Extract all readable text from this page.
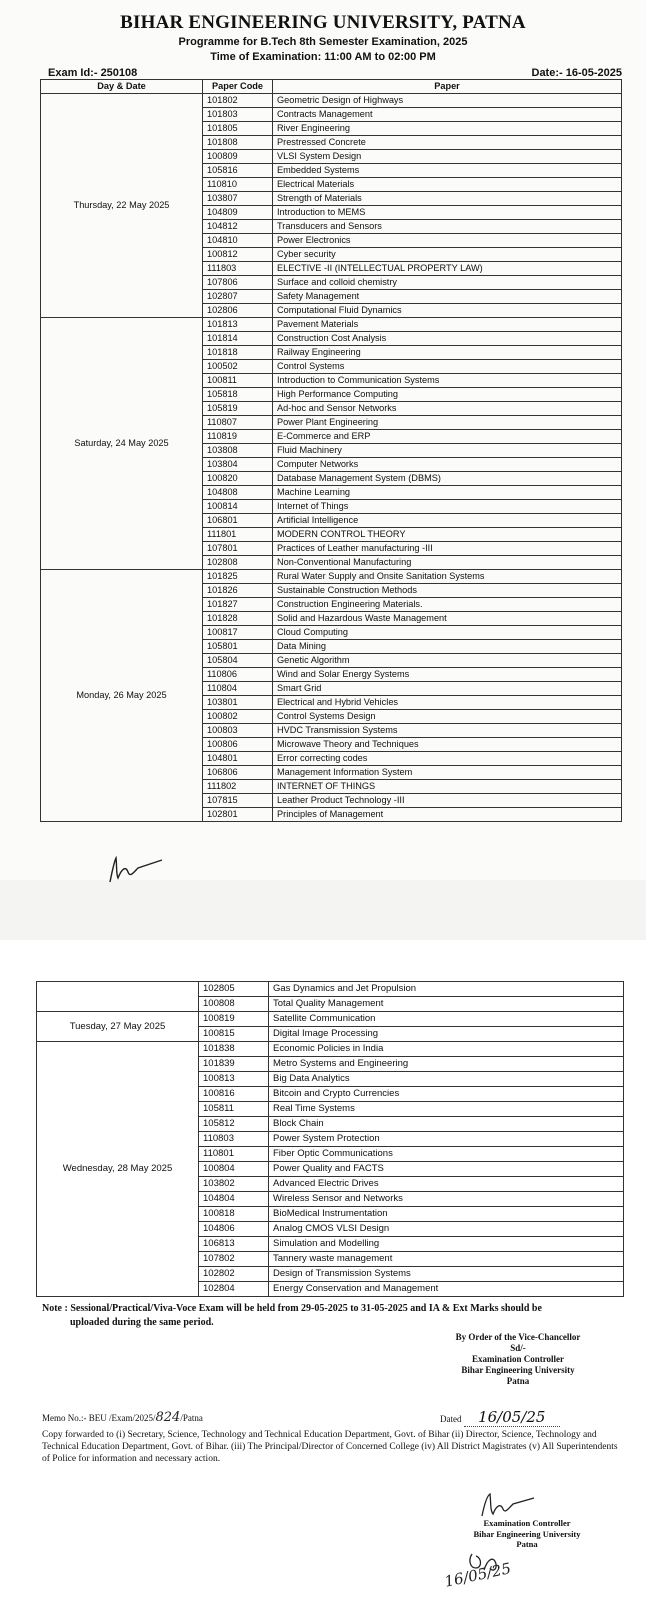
BIHAR ENGINEERING UNIVERSITY, PATNA
Programme for B.Tech 8th Semester Examination, 2025
Time of Examination: 11:00 AM to 02:00 PM
Exam Id:- 250108	Date:- 16-05-2025
Day & Date	Paper Code	Paper
Thursday, 22 May 2025	101802	Geometric Design of Highways
	101803	Contracts Management
	101805	River Engineering
	101808	Prestressed Concrete
	100809	VLSI System Design
	105816	Embedded Systems
	110810	Electrical Materials
	103807	Strength of Materials
	104809	Introduction to MEMS
	104812	Transducers and Sensors
	104810	Power Electronics
	100812	Cyber security
	111803	ELECTIVE -II (INTELLECTUAL PROPERTY LAW)
	107806	Surface and colloid chemistry
	102807	Safety Management
	102806	Computational Fluid Dynamics
Saturday, 24 May 2025	101813	Pavement Materials
	101814	Construction Cost Analysis
	101818	Railway Engineering
	100502	Control Systems
	100811	Introduction to Communication Systems
	105818	High Performance Computing
	105819	Ad-hoc and Sensor Networks
	110807	Power Plant Engineering
	110819	E-Commerce and ERP
	103808	Fluid Machinery
	103804	Computer Networks
	100820	Database Management System (DBMS)
	104808	Machine Learning
	100814	Internet of Things
	106801	Artificial Intelligence
	111801	MODERN CONTROL THEORY
	107801	Practices of Leather manufacturing -III
	102808	Non-Conventional Manufacturing
Monday, 26 May 2025	101825	Rural Water Supply and Onsite Sanitation Systems
	101826	Sustainable Construction Methods
	101827	Construction Engineering Materials.
	101828	Solid and Hazardous Waste Management
	100817	Cloud Computing
	105801	Data Mining
	105804	Genetic Algorithm
	110806	Wind and Solar Energy Systems
	110804	Smart Grid
	103801	Electrical and Hybrid Vehicles
	100802	Control Systems Design
	100803	HVDC Transmission Systems
	100806	Microwave Theory and Techniques
	104801	Error correcting codes
	106806	Management Information System
	111802	INTERNET OF THINGS
	107815	Leather Product Technology -III
	102801	Principles of Management
	102805	Gas Dynamics and Jet Propulsion
	100808	Total Quality Management
Tuesday, 27 May 2025	100819	Satellite Communication
	100815	Digital Image Processing
Wednesday, 28 May 2025	101838	Economic Policies in India
	101839	Metro Systems and Engineering
	100813	Big Data Analytics
	100816	Bitcoin and Crypto Currencies
	105811	Real Time Systems
	105812	Block Chain
	110803	Power System Protection
	110801	Fiber Optic Communications
	100804	Power Quality and FACTS
	103802	Advanced Electric Drives
	104804	Wireless Sensor and Networks
	100818	BioMedical Instrumentation
	104806	Analog CMOS VLSI Design
	106813	Simulation and Modelling
	107802	Tannery waste management
	102802	Design of Transmission Systems
	102804	Energy Conservation and Management
Note : Sessional/Practical/Viva-Voce Exam will be held from 29-05-2025 to 31-05-2025 and IA & Ext Marks should be
uploaded during the same period.
By Order of the Vice-Chancellor
Sd/-
Examination Controller
Bihar Engineering University
Patna
Memo No.:- BEU /Exam/2025/824/Patna	Dated 16/05/25
Copy forwarded to (i) Secretary, Science, Technology and Technical Education Department, Govt. of Bihar (ii) Director, Science, Technology and Technical Education Department, Govt. of Bihar. (iii) The Principal/Director of Concerned College (iv) All District Magistrates (v) All Superintendents of Police for information and necessary action.
Examination Controller
Bihar Engineering University
Patna
16/05/25
